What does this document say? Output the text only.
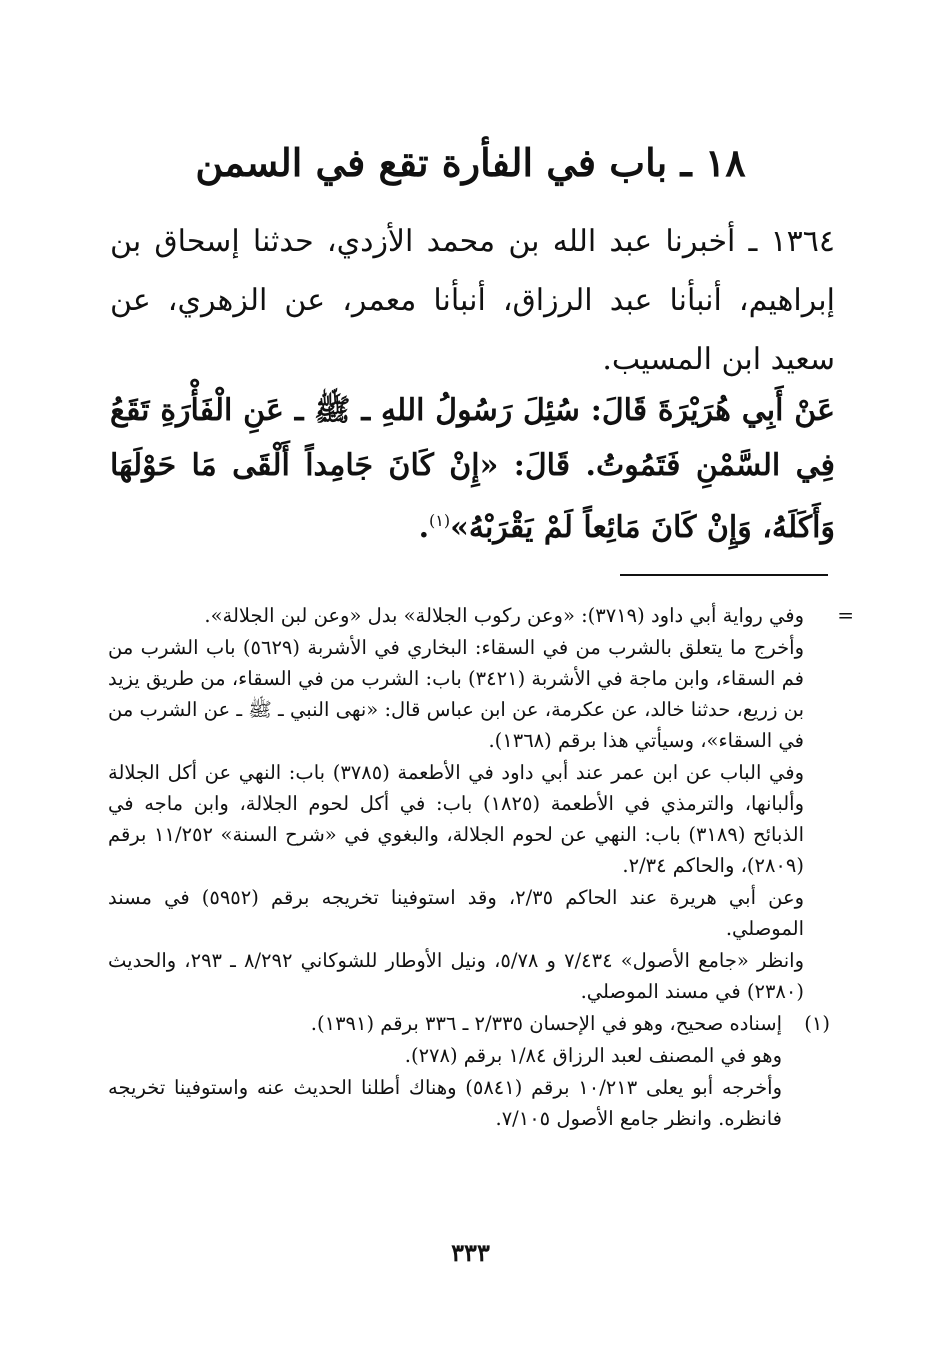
١٨ ـ باب في الفأرة تقع في السمن
١٣٦٤ ـ أخبرنا عبد الله بن محمد الأزدي، حدثنا إسحاق بن إبراهيم، أنبأنا عبد الرزاق، أنبأنا معمر، عن الزهري، عن سعيد ابن المسيب.
عَنْ أَبِي هُرَيْرَةَ قَالَ: سُئِلَ رَسُولُ اللهِ ـ ﷺ ـ عَنِ الْفَأْرَةِ تَقَعُ فِي السَّمْنِ فَتَمُوتُ. قَالَ: «إِنْ كَانَ جَامِداً أَلْقَى مَا حَوْلَهَا وَأَكَلَهُ، وَإِنْ كَانَ مَائِعاً لَمْ يَقْرَبْهُ»$^{(١)}$.

=
وفي رواية أبي داود (٣٧١٩): «وعن ركوب الجلالة» بدل «وعن لبن الجلالة».

وأخرج ما يتعلق بالشرب من في السقاء: البخاري في الأشربة (٥٦٢٩) باب الشرب من فم السقاء، وابن ماجة في الأشربة (٣٤٢١) باب: الشرب من في السقاء، من طريق يزيد بن زريع، حدثنا خالد، عن عكرمة، عن ابن عباس قال: «نهى النبي ـ ﷺ ـ عن الشرب من في السقاء»، وسيأتي هذا برقم (١٣٦٨).

وفي الباب عن ابن عمر عند أبي داود في الأطعمة (٣٧٨٥) باب: النهي عن أكل الجلالة وألبانها، والترمذي في الأطعمة (١٨٢٥) باب: في أكل لحوم الجلالة، وابن ماجه في الذبائح (٣١٨٩) باب: النهي عن لحوم الجلالة، والبغوي في «شرح السنة» ١١/٢٥٢ برقم (٢٨٠٩)، والحاكم ٢/٣٤.

وعن أبي هريرة عند الحاكم ٢/٣٥، وقد استوفينا تخريجه برقم (٥٩٥٢) في مسند الموصلي.

وانظر «جامع الأصول» ٧/٤٣٤ و ٥/٧٨، ونيل الأوطار للشوكاني ٨/٢٩٢ ـ ٢٩٣، والحديث (٢٣٨٠) في مسند الموصلي.

(١)
إسناده صحيح، وهو في الإحسان ٢/٣٣٥ ـ ٣٣٦ برقم (١٣٩١).

وهو في المصنف لعبد الرزاق ١/٨٤ برقم (٢٧٨).

وأخرجه أبو يعلى ١٠/٢١٣ برقم (٥٨٤١) وهناك أطلنا الحديث عنه واستوفينا تخريجه فانظره. وانظر جامع الأصول ٧/١٠٥.

٣٣٣
